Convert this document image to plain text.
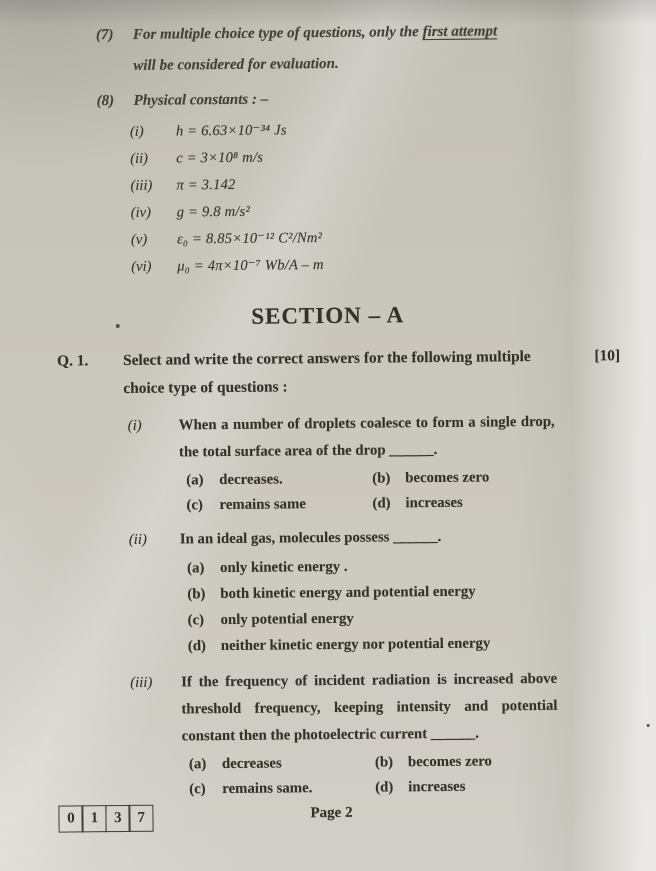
(7)	For multiple choice type of questions, only the first attempt
will be considered for evaluation.
(8)	Physical constants : –
(i)	h = 6.63×10⁻³⁴ Js
(ii)	c = 3×10⁸ m/s
(iii)	π = 3.142
(iv)	g = 9.8 m/s²
(v)	ε₀ = 8.85×10⁻¹² C²/Nm²
(vi)	μ₀ = 4π×10⁻⁷ Wb/A – m
SECTION – A
Q. 1.	Select and write the correct answers for the following multiple choice type of questions :
[10]
(i)	When a number of droplets coalesce to form a single drop, the total surface area of the drop ______.
(a)	decreases.	(b) becomes zero
(c)	remains same	(d) increases
(ii)	In an ideal gas, molecules possess ______.
(a)	only kinetic energy .
(b) both kinetic energy and potential energy
(c)	only potential energy
(d) neither kinetic energy nor potential energy
(iii)	If the frequency of incident radiation is increased above threshold frequency, keeping intensity and potential constant then the photoelectric current ______.
(a)	decreases	(b) becomes zero
(c)	remains same.	(d) increases
0	1	3	7	Page 2
